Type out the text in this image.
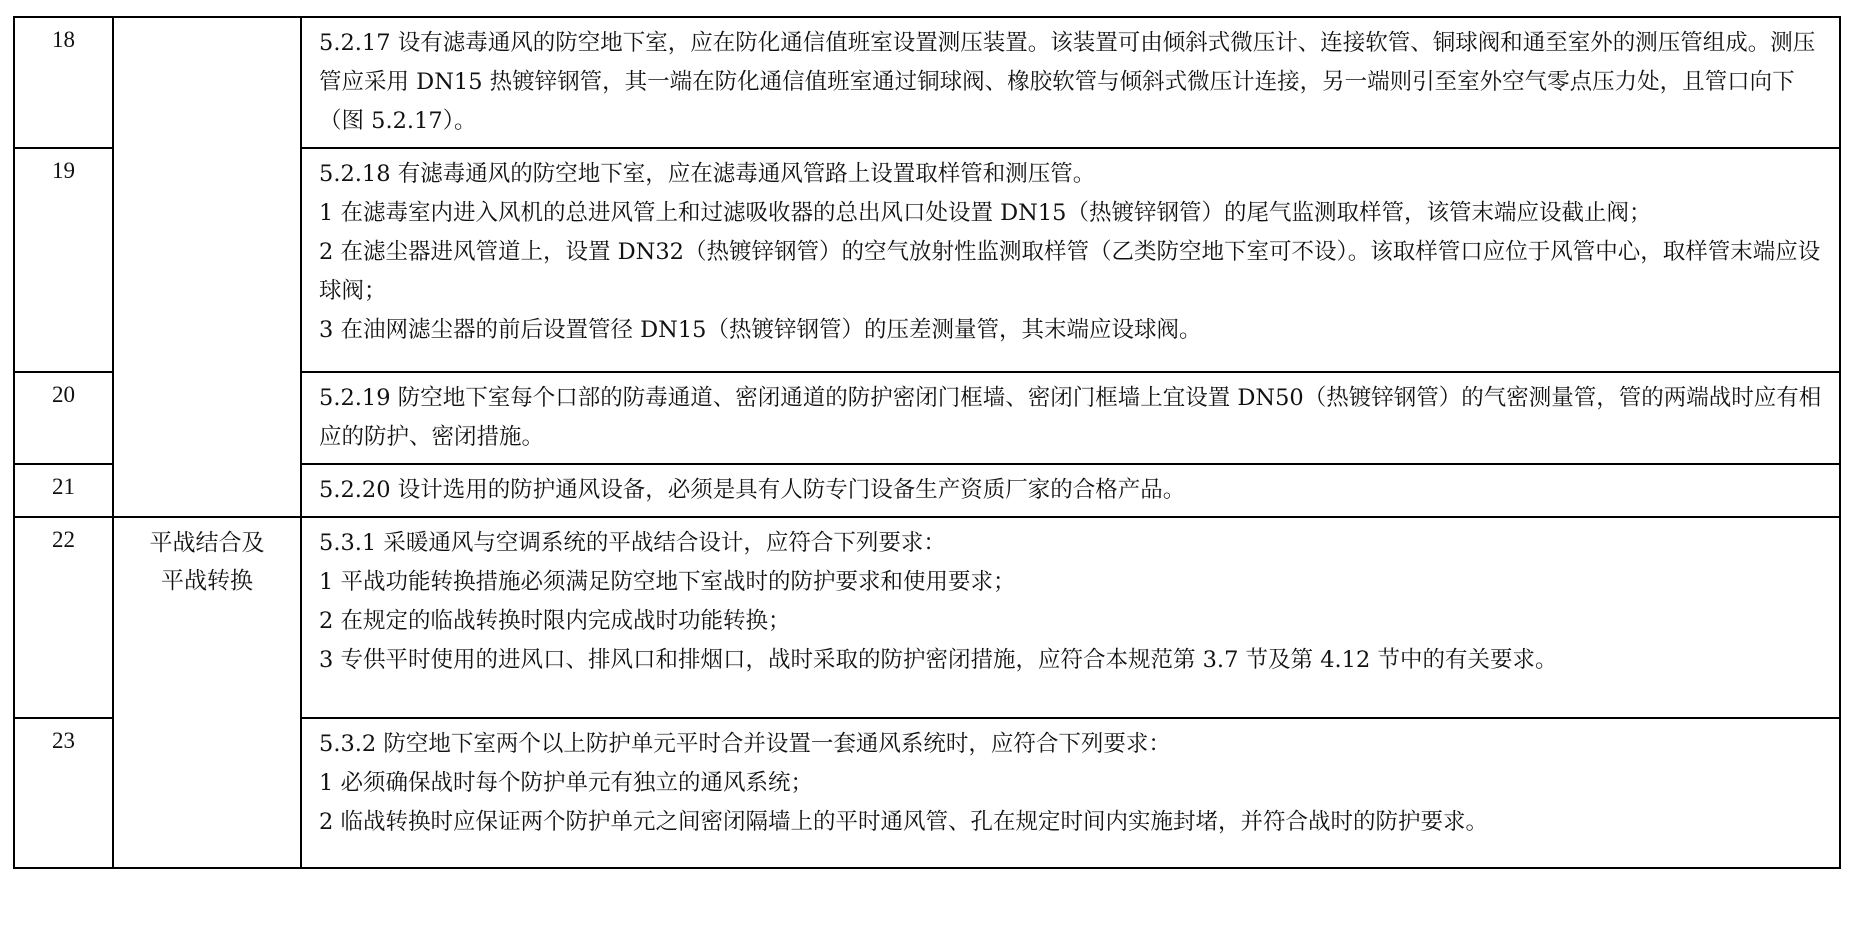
18		5.2.17 设有滤毒通风的防空地下室，应在防化通信值班室设置测压装置。该装置可由倾斜式微压计、连接软管、铜球阀和通至室外的测压管组成。测压管应采用 DN15 热镀锌钢管，其一端在防化通信值班室通过铜球阀、橡胶软管与倾斜式微压计连接，另一端则引至室外空气零点压力处，且管口向下（图 5.2.17）。

19		5.2.18 有滤毒通风的防空地下室，应在滤毒通风管路上设置取样管和测压管。

1 在滤毒室内进入风机的总进风管上和过滤吸收器的总出风口处设置 DN15（热镀锌钢管）的尾气监测取样管，该管末端应设截止阀；

2 在滤尘器进风管道上，设置 DN32（热镀锌钢管）的空气放射性监测取样管（乙类防空地下室可不设）。该取样管口应位于风管中心，取样管末端应设球阀；

3 在油网滤尘器的前后设置管径 DN15（热镀锌钢管）的压差测量管，其末端应设球阀。

20		5.2.19 防空地下室每个口部的防毒通道、密闭通道的防护密闭门框墙、密闭门框墙上宜设置 DN50（热镀锌钢管）的气密测量管，管的两端战时应有相应的防护、密闭措施。

21		5.2.20 设计选用的防护通风设备，必须是具有人防专门设备生产资质厂家的合格产品。

22	平战结合及平战转换	5.3.1 采暖通风与空调系统的平战结合设计，应符合下列要求：

1 平战功能转换措施必须满足防空地下室战时的防护要求和使用要求；

2 在规定的临战转换时限内完成战时功能转换；

3 专供平时使用的进风口、排风口和排烟口，战时采取的防护密闭措施，应符合本规范第 3.7 节及第 4.12 节中的有关要求。

23		5.3.2 防空地下室两个以上防护单元平时合并设置一套通风系统时，应符合下列要求：

1 必须确保战时每个防护单元有独立的通风系统；

2 临战转换时应保证两个防护单元之间密闭隔墙上的平时通风管、孔在规定时间内实施封堵，并符合战时的防护要求。
